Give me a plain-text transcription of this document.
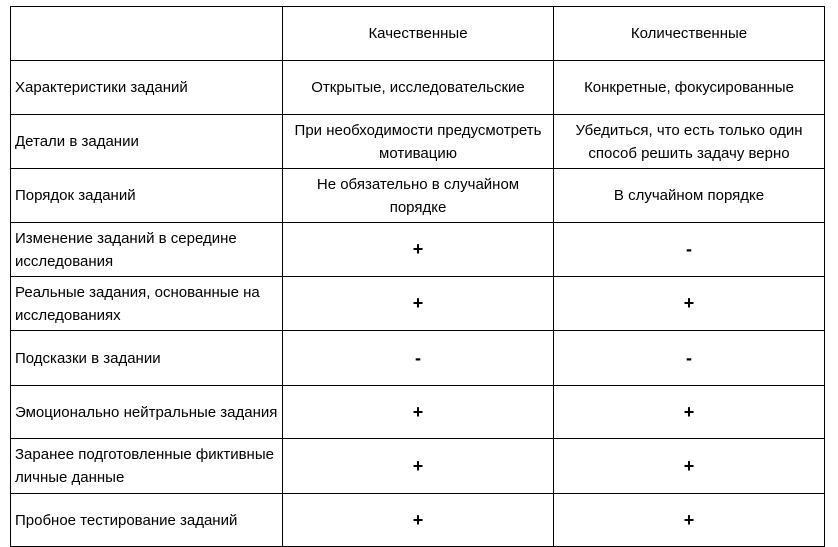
	Качественные	Количественные
Характеристики заданий	Открытые, исследовательские	Конкретные, фокусированные
Детали в задании	При необходимости предусмотреть мотивацию	Убедиться, что есть только один способ решить задачу верно
Порядок заданий	Не обязательно в случайном порядке	В случайном порядке
Изменение заданий в середине исследования	+	-
Реальные задания, основанные на исследованиях	+	+
Подсказки в задании	-	-
Эмоционально нейтральные задания	+	+
Заранее подготовленные фиктивные личные данные	+	+
Пробное тестирование заданий	+	+
